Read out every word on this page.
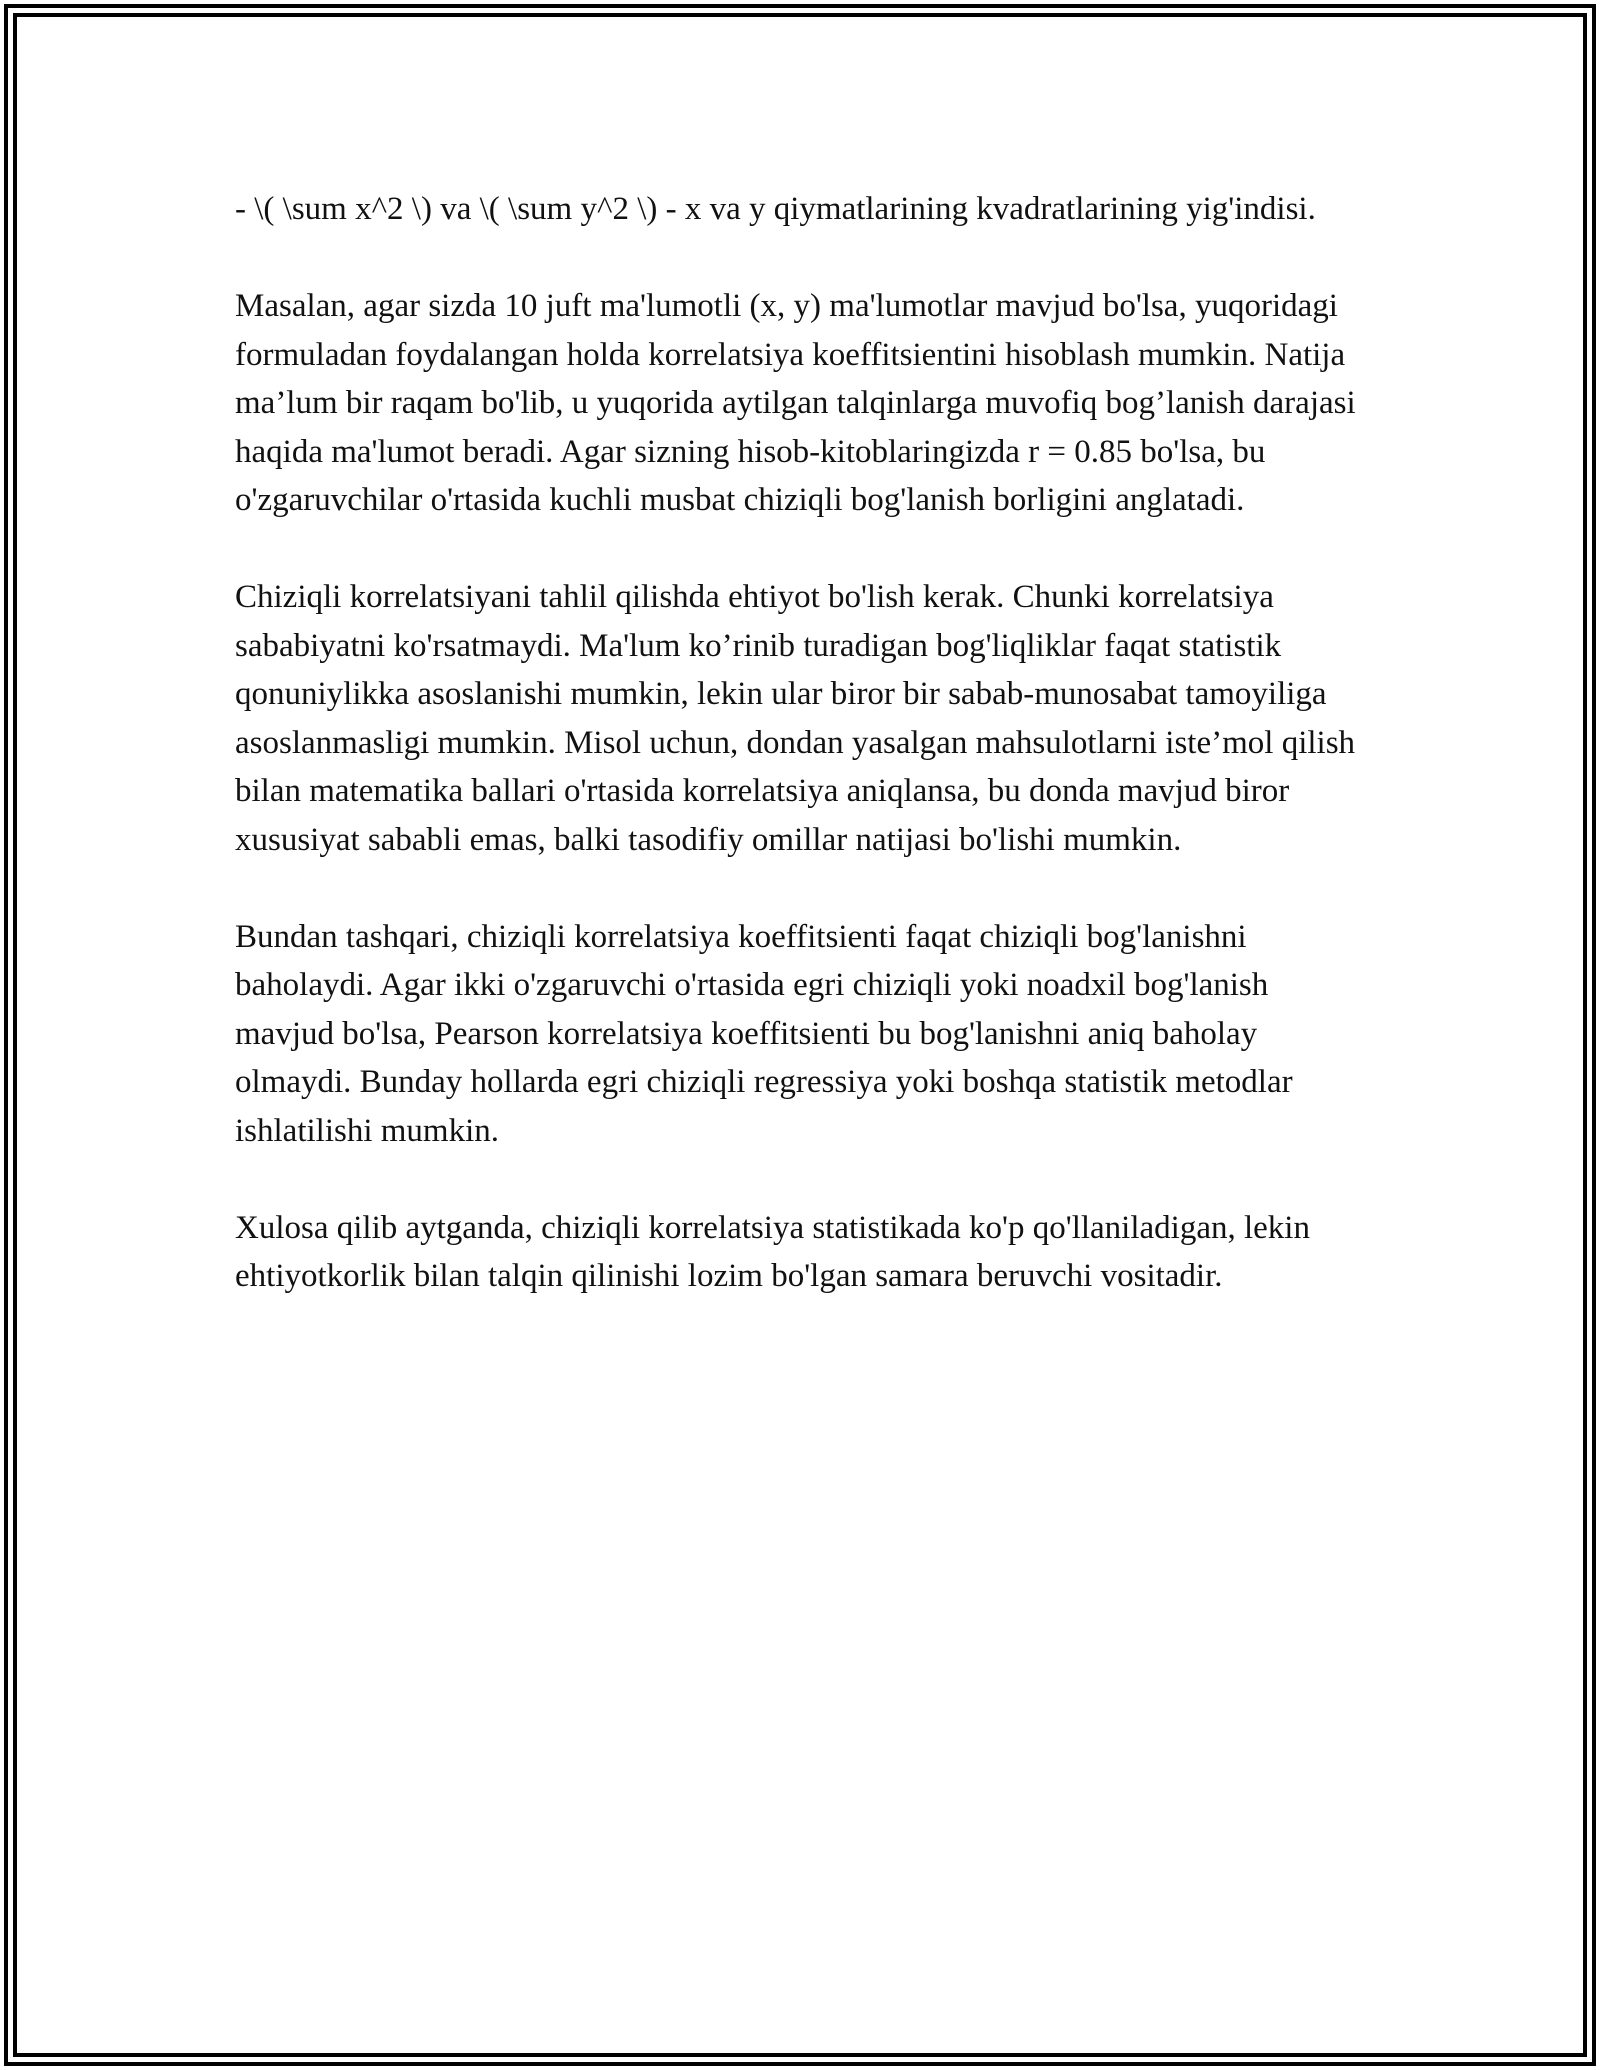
- \( \sum x^2 \) va \( \sum y^2 \) - x va y qiymatlarining kvadratlarining yig'indisi.

Masalan, agar sizda 10 juft ma'lumotli (x, y) ma'lumotlar mavjud bo'lsa, yuqoridagi formuladan foydalangan holda korrelatsiya koeffitsientini hisoblash mumkin. Natija ma’lum bir raqam bo'lib, u yuqorida aytilgan talqinlarga muvofiq bog’lanish darajasi haqida ma'lumot beradi. Agar sizning hisob-kitoblaringizda r = 0.85 bo'lsa, bu o'zgaruvchilar o'rtasida kuchli musbat chiziqli bog'lanish borligini anglatadi.

Chiziqli korrelatsiyani tahlil qilishda ehtiyot bo'lish kerak. Chunki korrelatsiya sababiyatni ko'rsatmaydi. Ma'lum ko’rinib turadigan bog'liqliklar faqat statistik qonuniylikka asoslanishi mumkin, lekin ular biror bir sabab-munosabat tamoyiliga asoslanmasligi mumkin. Misol uchun, dondan yasalgan mahsulotlarni iste’mol qilish bilan matematika ballari o'rtasida korrelatsiya aniqlansa, bu donda mavjud biror xususiyat sababli emas, balki tasodifiy omillar natijasi bo'lishi mumkin.

Bundan tashqari, chiziqli korrelatsiya koeffitsienti faqat chiziqli bog'lanishni baholaydi. Agar ikki o'zgaruvchi o'rtasida egri chiziqli yoki noadxil bog'lanish mavjud bo'lsa, Pearson korrelatsiya koeffitsienti bu bog'lanishni aniq baholay olmaydi. Bunday hollarda egri chiziqli regressiya yoki boshqa statistik metodlar ishlatilishi mumkin.

Xulosa qilib aytganda, chiziqli korrelatsiya statistikada ko'p qo'llaniladigan, lekin ehtiyotkorlik bilan talqin qilinishi lozim bo'lgan samara beruvchi vositadir.
